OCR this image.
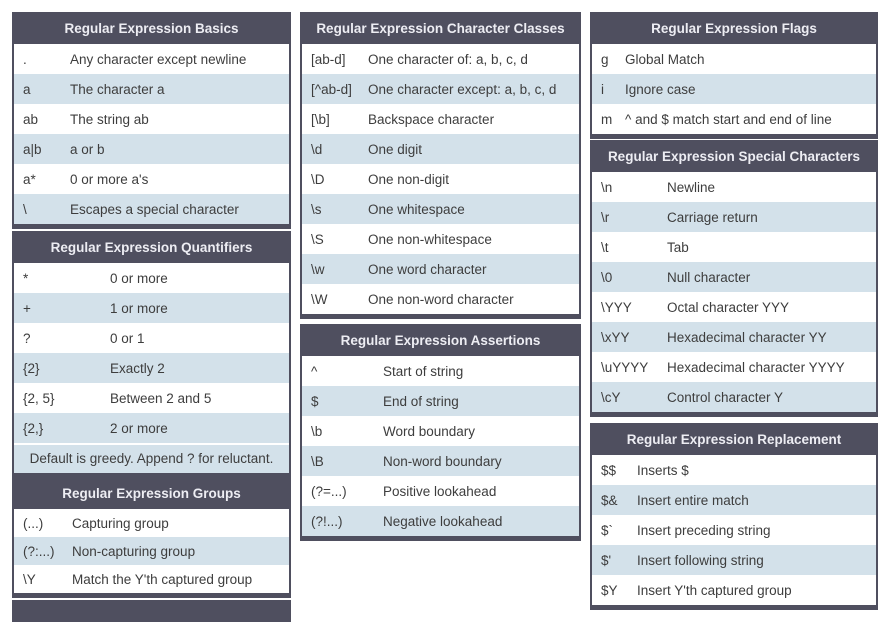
Regular Expression Basics
.	Any character except newline
a	The character a
ab	The string ab
a|b	a or b
a*	0 or more a's
\	Escapes a special character
Regular Expression Quantifiers
*	0 or more
+	1 or more
?	0 or 1
{2}	Exactly 2
{2, 5}	Between 2 and 5
{2,}	2 or more
Default is greedy. Append ? for reluctant.
Regular Expression Groups
(...)	Capturing group
(?:...)	Non-capturing group
\Y	Match the Y'th captured group
Regular Expression Character Classes
[ab-d]	One character of: a, b, c, d
[^ab-d]	One character except: a, b, c, d
[\b]	Backspace character
\d	One digit
\D	One non-digit
\s	One whitespace
\S	One non-whitespace
\w	One word character
\W	One non-word character
Regular Expression Assertions
^	Start of string
$	End of string
\b	Word boundary
\B	Non-word boundary
(?=...)	Positive lookahead
(?!...)	Negative lookahead
Regular Expression Flags
g	Global Match
i	Ignore case
m ^ and $ match start and end of line
Regular Expression Special Characters
\n	Newline
\r	Carriage return
\t	Tab
\0	Null character
\YYY	Octal character YYY
\xYY	Hexadecimal character YY
\uYYYY	Hexadecimal character YYYY
\cY	Control character Y
Regular Expression Replacement
$$	Inserts $
$&	Insert entire match
$`	Insert preceding string
$'	Insert following string
$Y	Insert Y'th captured group
